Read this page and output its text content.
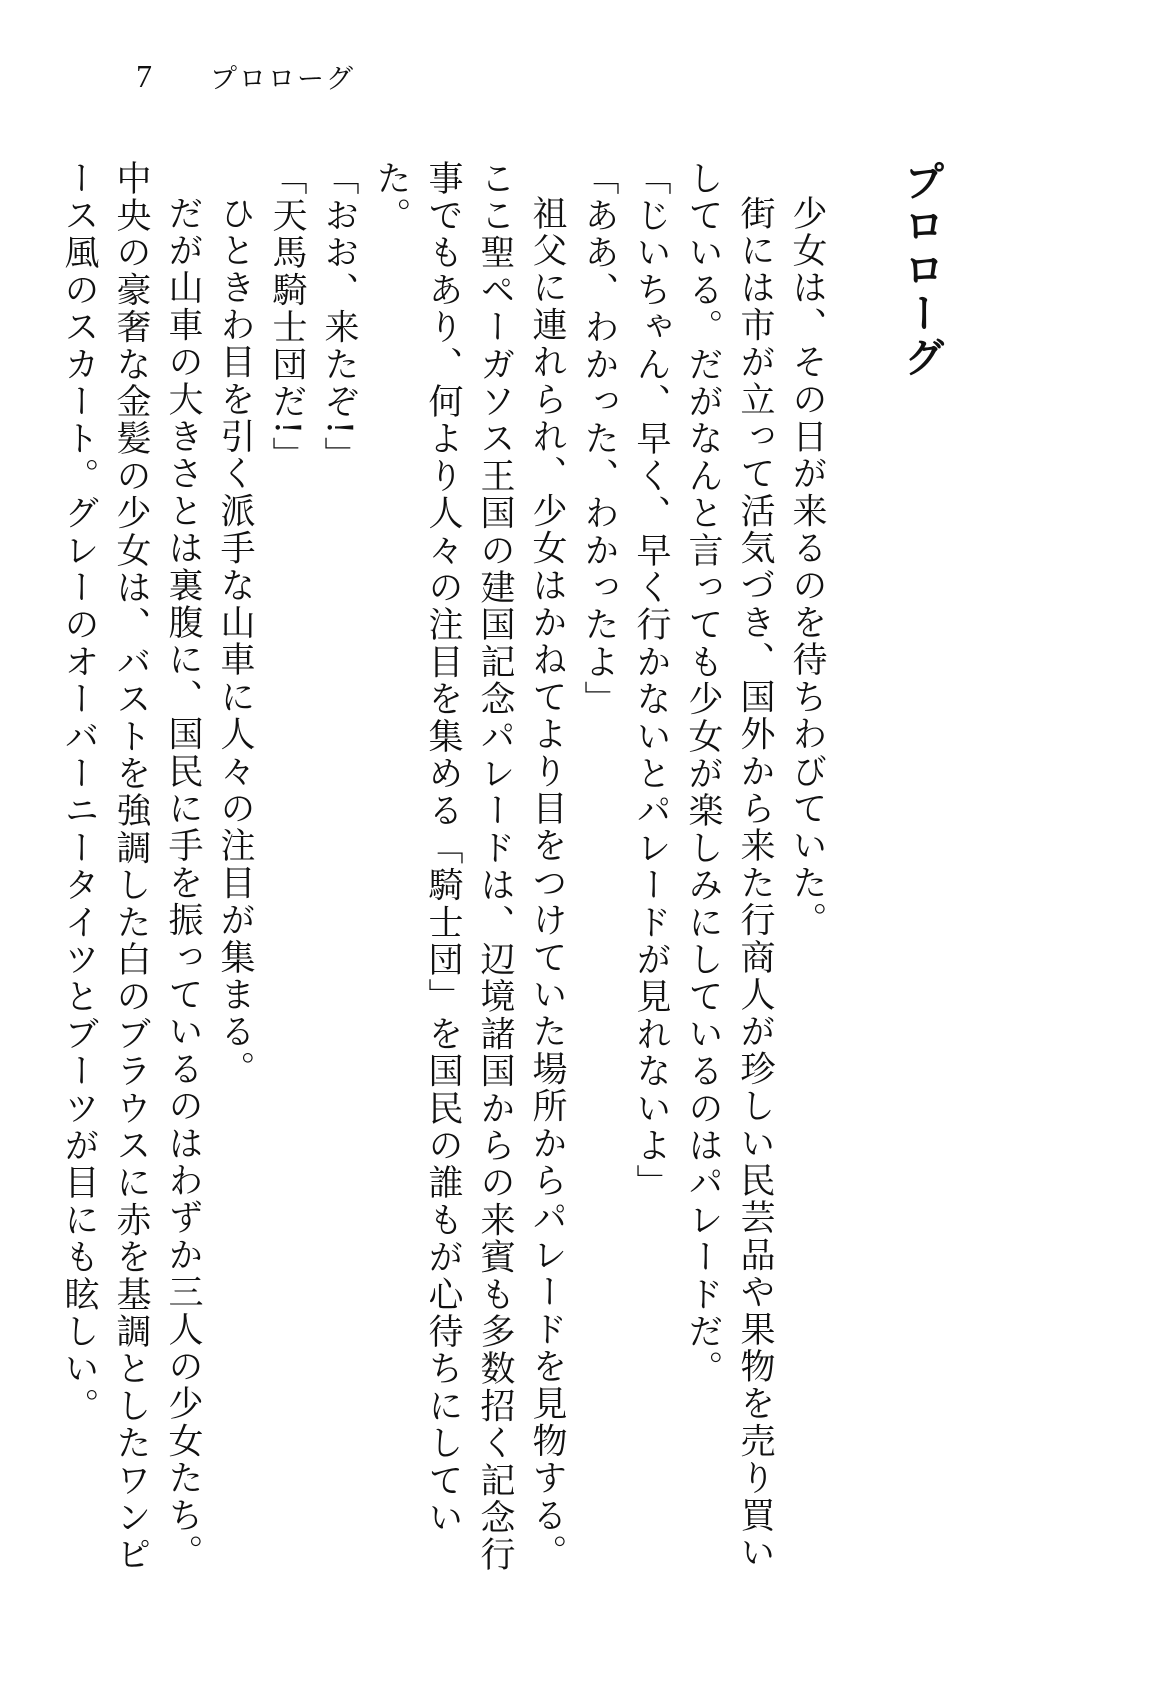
7 プロローグ
プロローグ

少女は、その日が来るのを待ちわびていた。

街には市が立って活気づき、国外から来た行商人が珍しい民芸品や果物を売り買いしている。だがなんと言っても少女が楽しみにしているのはパレードだ。

「じいちゃん、早く、早く行かないとパレードが見れないよ」

「ああ、わかった、わかったよ」

祖父に連れられ、少女はかねてより目をつけていた場所からパレードを見物する。ここ聖ペーガソス王国の建国記念パレードは、辺境諸国からの来賓も多数招く記念行事でもあり、何より人々の注目を集める「騎士団」を国民の誰もが心待ちにしていた。

「おお、来たぞ!」

「天馬騎士団だ!」

ひときわ目を引く派手な山車に人々の注目が集まる。

だが山車の大きさとは裏腹に、国民に手を振っているのはわずか三人の少女たち。中央の豪奢な金髪の少女は、バストを強調した白のブラウスに赤を基調としたワンピース風のスカート。グレーのオーバーニータイツとブーツが目にも眩しい。
